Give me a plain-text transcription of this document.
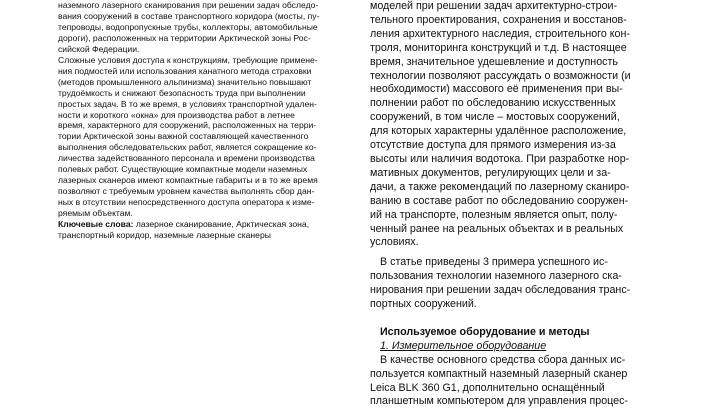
наземного лазерного сканирования при решении задач обследо-
вания сооружений в составе транспортного коридора (мосты, пу-
тепроводы, водопропускные трубы, коллекторы, автомобильные
дороги), расположенных на территории Арктической зоны Рос-
сийской Федерации.
Сложные условия доступа к конструкциям, требующие примене-
ния подмостей или использования канатного метода страховки
(методов промышленного альпинизма) значительно повышают
трудоёмкость и снижают безопасность труда при выполнении
простых задач. В то же время, в условиях транспортной удален-
ности и короткого «окна» для производства работ в летнее
время, характерного для сооружений, расположенных на терри-
тории Арктической зоны важной составляющей качественного
выполнения обследовательских работ, является сокращение ко-
личества задействованного персонала и времени производства
полевых работ. Существующие компактные модели наземных
лазерных сканеров имеют компактные габариты и в то же время
позволяют с требуемым уровнем качества выполнять сбор дан-
ных в отсутствии непосредственного доступа оператора к изме-
ряемым объектам.
Ключевые слова: лазерное сканирование, Арктическая зона,
транспортный коридор, наземные лазерные сканеры
моделей при решении задач архитектурно-строи-
тельного проектирования, сохранения и восстанов-
ления архитектурного наследия, строительного кон-
троля, мониторинга конструкций и т.д. В настоящее
время, значительное удешевление и доступность
технологии позволяют рассуждать о возможности (и
необходимости) массового её применения при вы-
полнении работ по обследованию искусственных
сооружений, в том числе – мостовых сооружений,
для которых характерны удалённое расположение,
отсутствие доступа для прямого измерения из-за
высоты или наличия водотока. При разработке нор-
мативных документов, регулирующих цели и за-
дачи, а также рекомендаций по лазерному сканиро-
ванию в составе работ по обследованию сооружен-
ий на транспорте, полезным является опыт, полу-
ченный ранее на реальных объектах и в реальных
условиях.
В статье приведены 3 примера успешного ис-
пользования технологии наземного лазерного ска-
нирования при решении задач обследования транс-
портных сооружений.
Используемое оборудование и методы
1. Измерительное оборудование
В качестве основного средства сбора данных ис-
пользуется компактный наземный лазерный сканер
Leica BLK 360 G1, дополнительно оснащённый
планшетным компьютером для управления процес-
